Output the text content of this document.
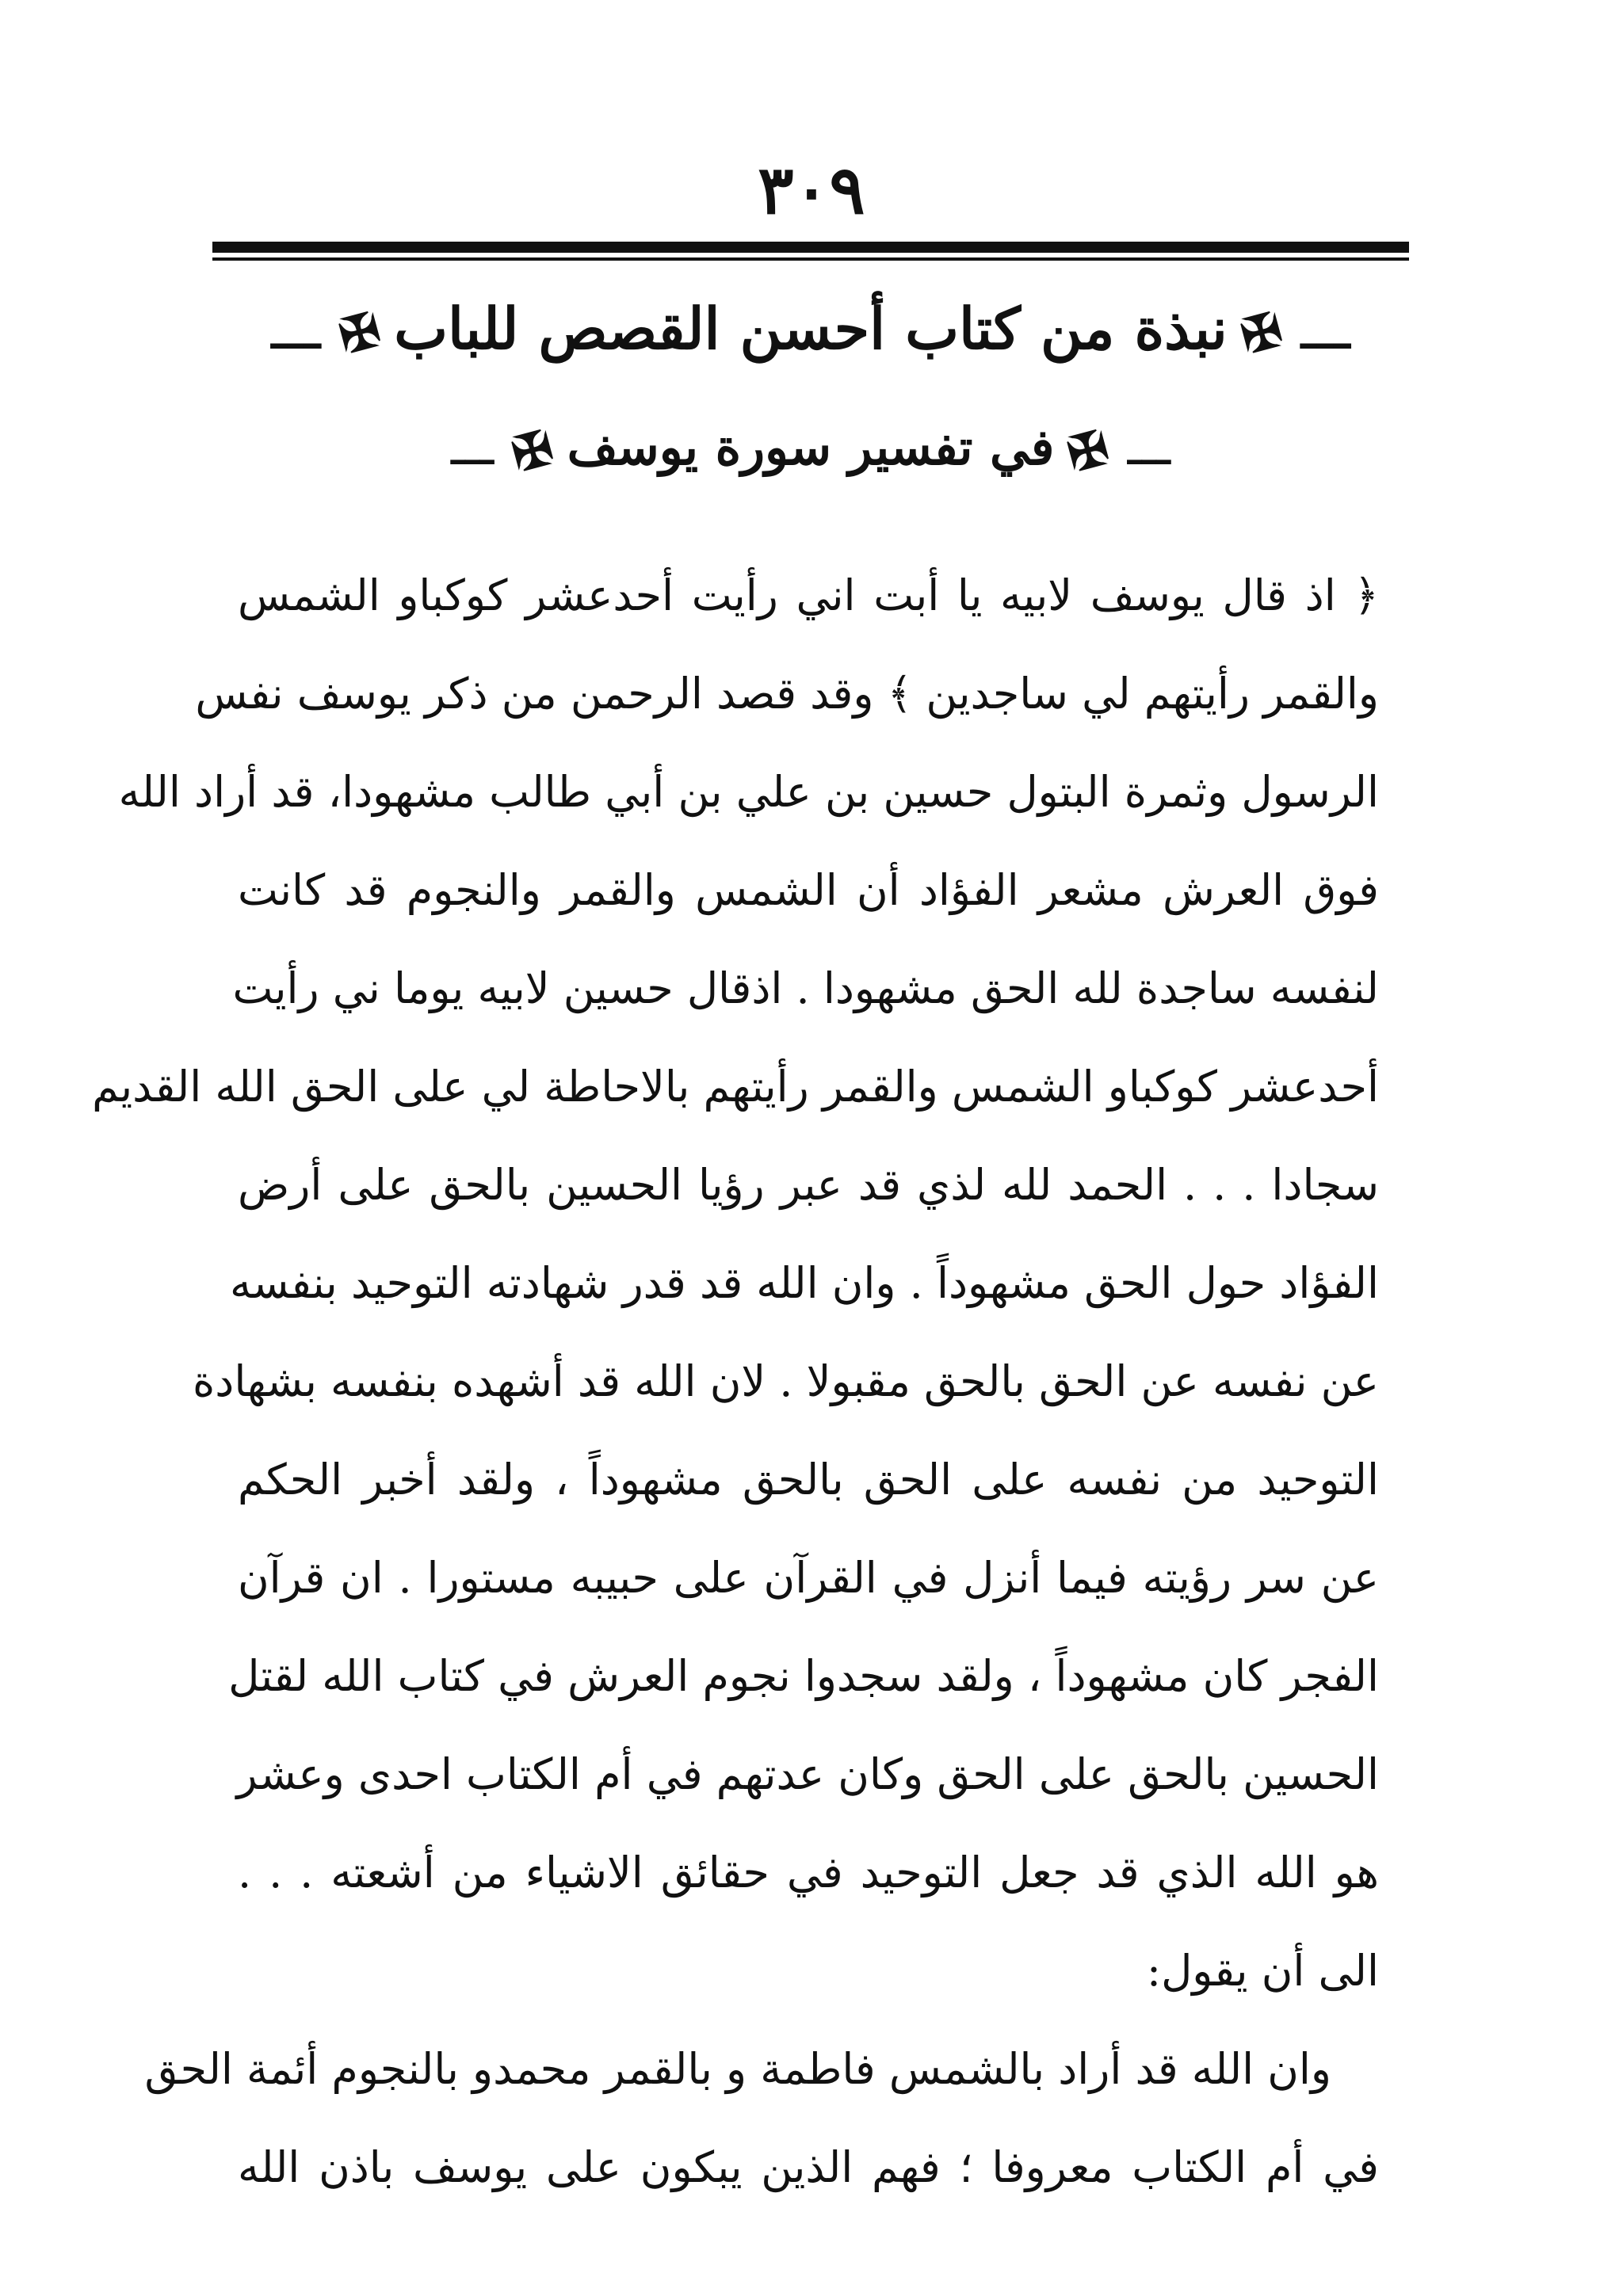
٣٠٩
ـــ✠نبذة من كتاب أحسن القصص للباب✠ـــ
ـــ✠في تفسير سورة يوسف✠ـــ
﴿ اذ قال يوسف لابيه يا أبت اني رأيت أحدعشر كوكباو الشمس
والقمر رأيتهم لي ساجدين ﴾ وقد قصد الرحمن من ذكر يوسف نفس
الرسول وثمرة البتول حسين بن علي بن أبي طالب مشهودا، قد أراد الله
فوق العرش مشعر الفؤاد أن الشمس والقمر والنجوم قد كانت
لنفسه ساجدة لله الحق مشهودا . اذقال حسين لابيه يوما ني رأيت
أحدعشر كوكباو الشمس والقمر رأيتهم بالاحاطة لي على الحق الله القديم
سجادا . . . الحمد لله لذي قد عبر رؤيا الحسين بالحق على أرض
الفؤاد حول الحق مشهوداً . وان الله قد قدر شهادته التوحيد بنفسه
عن نفسه عن الحق بالحق مقبولا . لان الله قد أشهده بنفسه بشهادة
التوحيد من نفسه على الحق بالحق مشهوداً ، ولقد أخبر الحكم
عن سر رؤيته فيما أنزل في القرآن على حبيبه مستورا . ان قرآن
الفجر كان مشهوداً ، ولقد سجدوا نجوم العرش في كتاب الله لقتل
الحسين بالحق على الحق وكان عدتهم في أم الكتاب احدى وعشر
هو الله الذي قد جعل التوحيد في حقائق الاشياء من أشعته . . .
الى أن يقول:
وان الله قد أراد بالشمس فاطمة و بالقمر محمدو بالنجوم أئمة الحق
في أم الكتاب معروفا ؛ فهم الذين يبكون على يوسف باذن الله
